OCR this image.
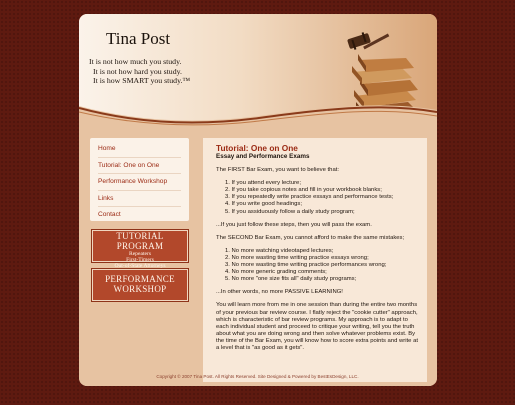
Tina Post
It is not how much you study.
It is not how hard you study.
It is how SMART you study.™
Home
Tutorial: One on One
Performance Workshop
Links
Contact
TUTORIAL PROGRAM
Repeaters
First-Timers
Out-of-State Attorneys
PERFORMANCE
WORKSHOP
Tutorial: One on One
Essay and Performance Exams

The FIRST Bar Exam, you want to believe that:

1. If you attend every lecture;
2. If you take copious notes and fill in your workbook blanks;
3. If you repeatedly write practice essays and performance tests;
4. If you write good headings;
5. If you assiduously follow a daily study program;

...If you just follow these steps, then you will pass the exam.

The SECOND Bar Exam, you cannot afford to make the same mistakes;

1. No more watching videotaped lectures;
2. No more wasting time writing practice essays wrong;
3. No more wasting time writing practice performances wrong;
4. No more generic grading comments;
5. No more "one size fits all" daily study programs;

...In other words, no more PASSIVE LEARNING!

You will learn more from me in one session than during the entire two months of your previous bar review course. I flatly reject the "cookie cutter" approach, which is characteristic of bar review programs. My approach is to adapt to each individual student and proceed to critique your writing, tell you the truth about what you are doing wrong and then solve whatever problems exist. By the time of the Bar Exam, you will know how to score extra points and write at a level that is "as good as it gets".

Copyright © 2007 Tina Post. All Rights Reserved. Site Designed & Powered by BestEsDesign, LLC.
